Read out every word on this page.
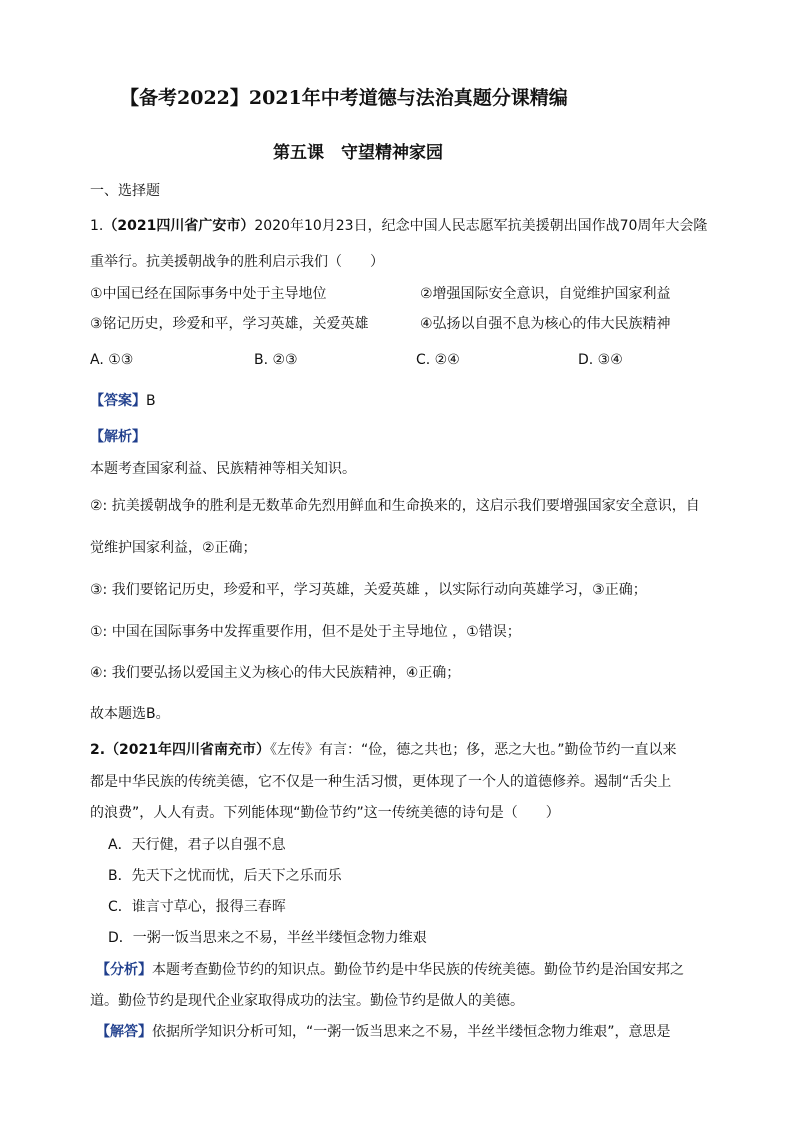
【备考2022】2021年中考道德与法治真题分课精编
第五课　守望精神家园
一、选择题
1.（2021四川省广安市）2020年10月23日，纪念中国人民志愿军抗美援朝出国作战70周年大会隆
重举行。抗美援朝战争的胜利启示我们（　　）
①中国已经在国际事务中处于主导地位	②增强国际安全意识，自觉维护国家利益
③铭记历史，珍爱和平，学习英雄，关爱英雄	④弘扬以自强不息为核心的伟大民族精神
A. ①③	B. ②③	C. ②④	D. ③④
【答案】B
【解析】
本题考查国家利益、民族精神等相关知识。
②: 抗美援朝战争的胜利是无数革命先烈用鲜血和生命换来的，这启示我们要增强国家安全意识，自
觉维护国家利益，②正确；
③: 我们要铭记历史，珍爱和平，学习英雄，关爱英雄 ，以实际行动向英雄学习，③正确；
①: 中国在国际事务中发挥重要作用，但不是处于主导地位 ，①错误；
④: 我们要弘扬以爱国主义为核心的伟大民族精神，④正确；
故本题选B。
2.（2021年四川省南充市）《左传》有言：“俭，德之共也；侈，恶之大也。”勤俭节约一直以来
都是中华民族的传统美德，它不仅是一种生活习惯，更体现了一个人的道德修养。遏制“舌尖上
的浪费”，人人有责。下列能体现“勤俭节约”这一传统美德的诗句是（　　）
A．天行健，君子以自强不息
B．先天下之忧而忧，后天下之乐而乐
C．谁言寸草心，报得三春晖
D．一粥一饭当思来之不易，半丝半缕恒念物力维艰
【分析】本题考查勤俭节约的知识点。勤俭节约是中华民族的传统美德。勤俭节约是治国安邦之
道。勤俭节约是现代企业家取得成功的法宝。勤俭节约是做人的美德。
【解答】依据所学知识分析可知，“一粥一饭当思来之不易，半丝半缕恒念物力维艰”，意思是
